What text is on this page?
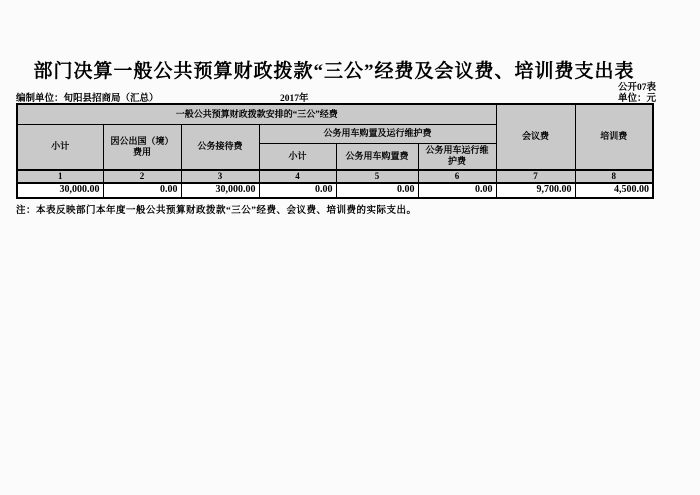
部门决算一般公共预算财政拨款“三公”经费及会议费、培训费支出表
公开07表
编制单位：旬阳县招商局（汇总）	2017年	单位：元
一般公共预算财政拨款安排的“三公”经费						会议费	培训费
小计	因公出国（境）费用	公务接待费	公务用车购置及运行维护费				
			小计	公务用车购置费	公务用车运行维护费		
1	2	3	4	5	6	7	8
30,000.00	0.00	30,000.00	0.00	0.00	0.00	9,700.00	4,500.00
注：本表反映部门本年度一般公共预算财政拨款“三公”经费、会议费、培训费的实际支出。
